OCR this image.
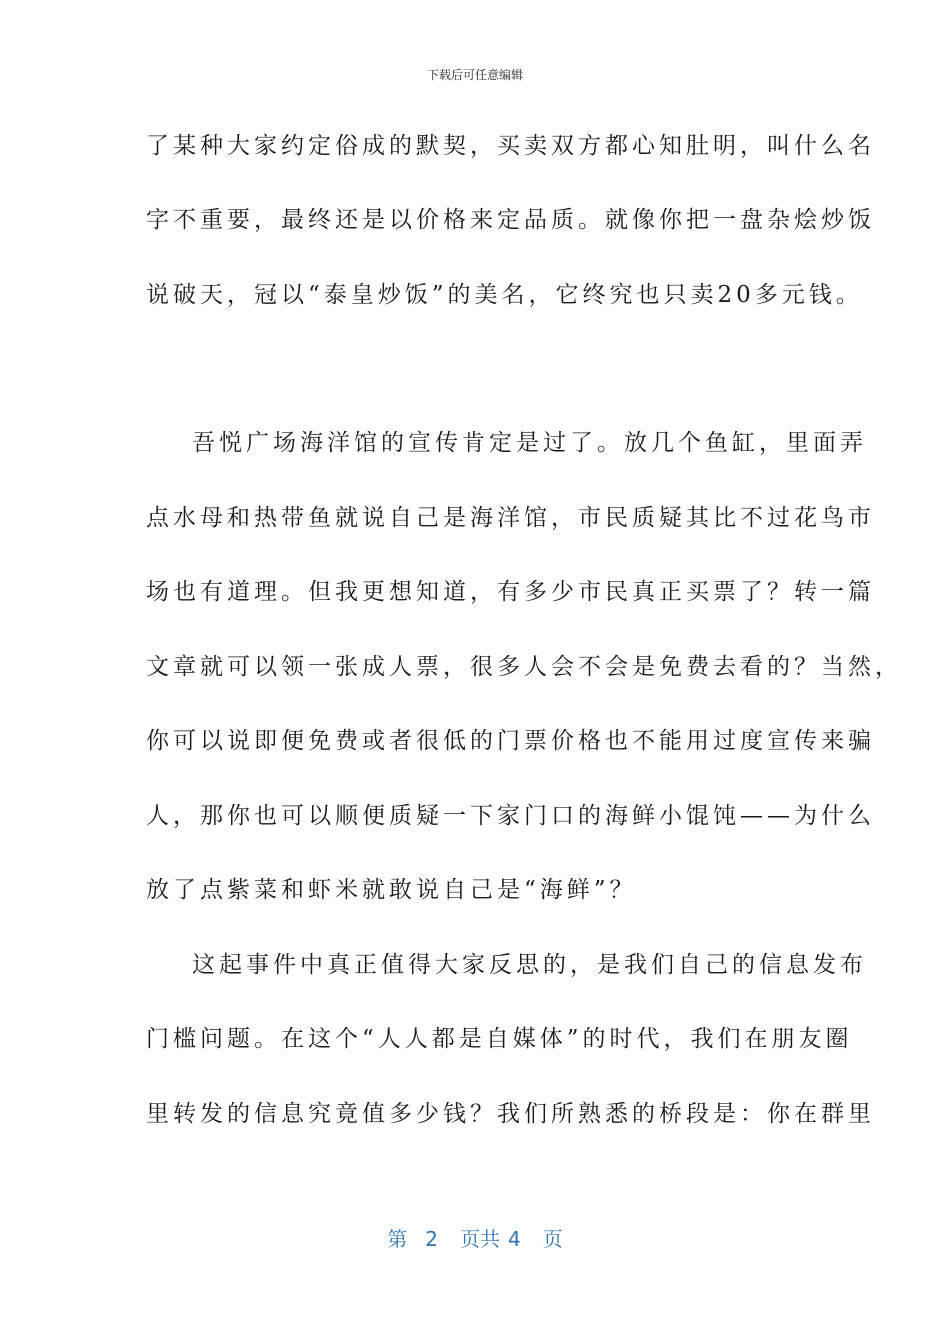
下载后可任意编辑
了某种大家约定俗成的默契，买卖双方都心知肚明，叫什么名
字不重要，最终还是以价格来定品质。就像你把一盘杂烩炒饭
说破天，冠以“泰皇炒饭”的美名，它终究也只卖20多元钱。
吾悦广场海洋馆的宣传肯定是过了。放几个鱼缸，里面弄
点水母和热带鱼就说自己是海洋馆，市民质疑其比不过花鸟市
场也有道理。但我更想知道，有多少市民真正买票了？转一篇
文章就可以领一张成人票，很多人会不会是免费去看的？当然，
你可以说即便免费或者很低的门票价格也不能用过度宣传来骗
人，那你也可以顺便质疑一下家门口的海鲜小馄饨——为什么
放了点紫菜和虾米就敢说自己是“海鲜”？
这起事件中真正值得大家反思的，是我们自己的信息发布
门槛问题。在这个“人人都是自媒体”的时代，我们在朋友圈
里转发的信息究竟值多少钱？我们所熟悉的桥段是：你在群里
第 2 页共 4 页
